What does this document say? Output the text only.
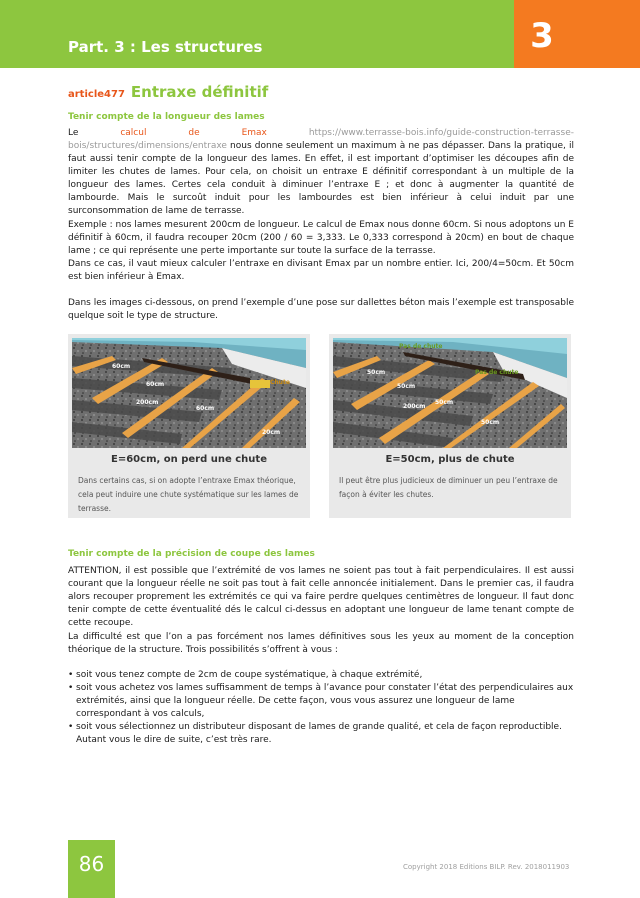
Part. 3 : Les structures	3
article477 Entraxe définitif
Tenir compte de la longueur des lames

Le calcul de Emax	https://www.terrasse-bois.info/guide-construction-terrasse-bois/structures/dimensions/entraxe nous donne seulement un maximum à ne pas dépasser. Dans la pratique, il faut aussi tenir compte de la longueur des lames. En effet, il est important d’optimiser les découpes afin de limiter les chutes de lames. Pour cela, on choisit un entraxe E définitif correspondant à un multiple de la longueur des lames. Certes cela conduit à diminuer l’entraxe E ; et donc à augmenter la quantité de lambourde. Mais le surcoût induit pour les lambourdes est bien inférieur à celui induit par une surconsommation de lame de terrasse.

Exemple : nos lames mesurent 200cm de longueur. Le calcul de Emax nous donne 60cm. Si nous adoptons un E définitif à 60cm, il faudra recouper 20cm (200 / 60 = 3,333. Le 0,333 correspond à 20cm) en bout de chaque lame ; ce qui représente une perte importante sur toute la surface de la terrasse.

Dans ce cas, il vaut mieux calculer l’entraxe en divisant Emax par un nombre entier. Ici, 200/4=50cm. Et 50cm est bien inférieur à Emax.

Dans les images ci-dessous, on prend l’exemple d’une pose sur dallettes béton mais l’exemple est transposable quelque soit le type de structure.

60cm
60cm
200cm
60cm
20cm
Chute
E=60cm, on perd une chute

Dans certains cas, si on adopte l’entraxe Emax théorique, cela peut induire une chute systématique sur les lames de terrasse.

Pas de chute
Pas de chute
50cm
50cm
200cm
50cm
50cm
E=50cm, plus de chute

Il peut être plus judicieux de diminuer un peu l’entraxe de façon à éviter les chutes.

Tenir compte de la précision de coupe des lames

ATTENTION, il est possible que l’extrémité de vos lames ne soient pas tout à fait perpendiculaires. Il est aussi courant que la longueur réelle ne soit pas tout à fait celle annoncée initialement. Dans le premier cas, il faudra alors recouper proprement les extrémités ce qui va faire perdre quelques centimètres de longueur. Il faut donc tenir compte de cette éventualité dés le calcul ci-dessus en adoptant une longueur de lame tenant compte de cette recoupe.

La difficulté est que l’on a pas forcément nos lames définitives sous les yeux au moment de la conception théorique de la structure. Trois possibilités s’offrent à vous :

• soit vous tenez compte de 2cm de coupe systématique, à chaque extrémité,
• soit vous achetez vos lames suffisamment de temps à l’avance pour constater l’état des perpendiculaires aux extrémités, ainsi que la longueur réelle. De cette façon, vous vous assurez une longueur de lame correspondant à vos calculs,
• soit vous sélectionnez un distributeur disposant de lames de grande qualité, et cela de façon reproductible. Autant vous le dire de suite, c’est très rare.
86	Copyright 2018 Editions BILP. Rev. 2018011903
